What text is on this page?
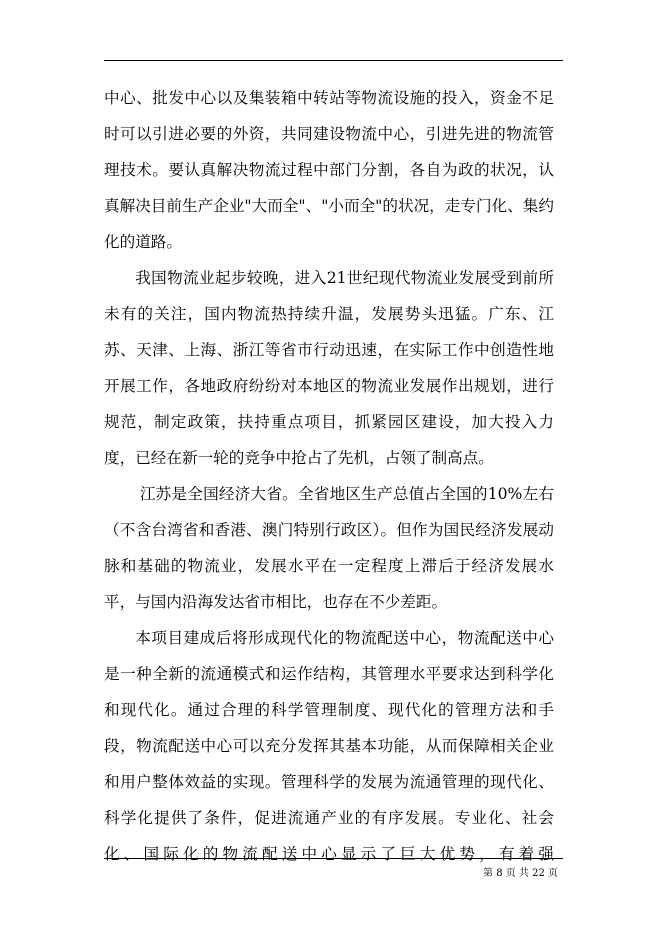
中心、批发中心以及集装箱中转站等物流设施的投入，资金不足时可以引进必要的外资，共同建设物流中心，引进先进的物流管理技术。要认真解决物流过程中部门分割，各自为政的状况，认真解决目前生产企业"大而全"、"小而全"的状况，走专门化、集约化的道路。

我国物流业起步较晚，进入21世纪现代物流业发展受到前所未有的关注，国内物流热持续升温，发展势头迅猛。广东、江苏、天津、上海、浙江等省市行动迅速，在实际工作中创造性地开展工作，各地政府纷纷对本地区的物流业发展作出规划，进行规范，制定政策，扶持重点项目，抓紧园区建设，加大投入力度，已经在新一轮的竞争中抢占了先机，占领了制高点。

江苏是全国经济大省。全省地区生产总值占全国的10%左右（不含台湾省和香港、澳门特别行政区）。但作为国民经济发展动脉和基础的物流业，发展水平在一定程度上滞后于经济发展水平，与国内沿海发达省市相比，也存在不少差距。

本项目建成后将形成现代化的物流配送中心，物流配送中心是一种全新的流通模式和运作结构，其管理水平要求达到科学化和现代化。通过合理的科学管理制度、现代化的管理方法和手段，物流配送中心可以充分发挥其基本功能，从而保障相关企业和用户整体效益的实现。管理科学的发展为流通管理的现代化、科学化提供了条件，促进流通产业的有序发展。专业化、社会化、国际化的物流配送中心显示了巨大优势，有着强

第 8 页 共 22 页
